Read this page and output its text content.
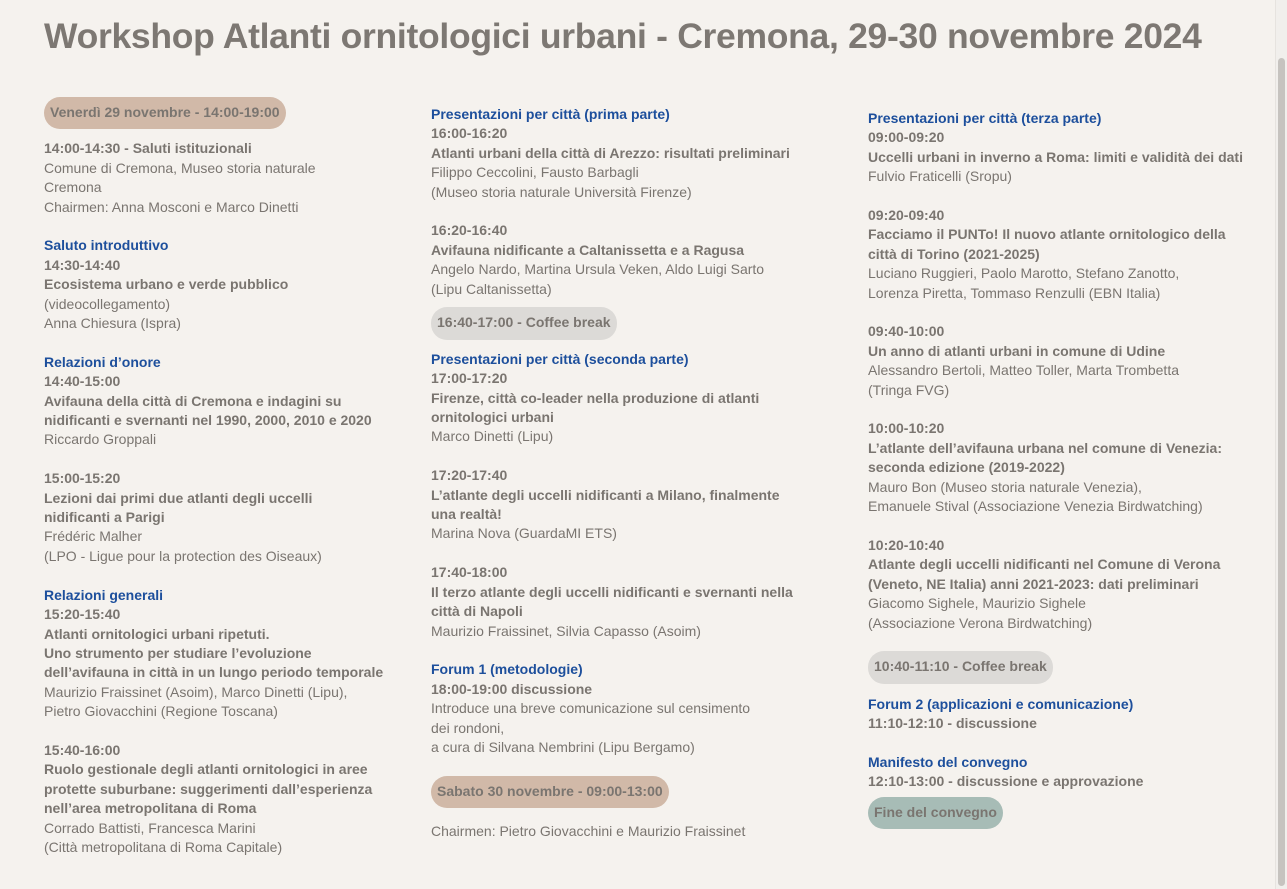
Workshop Atlanti ornitologici urbani - Cremona, 29-30 novembre 2024
Venerdì 29 novembre - 14:00-19:00

14:00-14:30 - Saluti istituzionali

Comune di Cremona, Museo storia naturale

Cremona

Chairmen: Anna Mosconi e Marco Dinetti

Saluto introduttivo

14:30-14:40

Ecosistema urbano e verde pubblico

(videocollegamento)

Anna Chiesura (Ispra)

Relazioni d’onore

14:40-15:00

Avifauna della città di Cremona e indagini su

nidificanti e svernanti nel 1990, 2000, 2010 e 2020

Riccardo Groppali

15:00-15:20

Lezioni dai primi due atlanti degli uccelli

nidificanti a Parigi

Frédéric Malher

(LPO - Ligue pour la protection des Oiseaux)

Relazioni generali

15:20-15:40

Atlanti ornitologici urbani ripetuti.

Uno strumento per studiare l’evoluzione

dell’avifauna in città in un lungo periodo temporale

Maurizio Fraissinet (Asoim), Marco Dinetti (Lipu),

Pietro Giovacchini (Regione Toscana)

15:40-16:00

Ruolo gestionale degli atlanti ornitologici in aree

protette suburbane: suggerimenti dall’esperienza

nell’area metropolitana di Roma

Corrado Battisti, Francesca Marini

(Città metropolitana di Roma Capitale)

Presentazioni per città (prima parte)

16:00-16:20

Atlanti urbani della città di Arezzo: risultati preliminari

Filippo Ceccolini, Fausto Barbagli

(Museo storia naturale Università Firenze)

16:20-16:40

Avifauna nidificante a Caltanissetta e a Ragusa

Angelo Nardo, Martina Ursula Veken, Aldo Luigi Sarto

(Lipu Caltanissetta)

16:40-17:00 - Coffee break

Presentazioni per città (seconda parte)

17:00-17:20

Firenze, città co-leader nella produzione di atlanti

ornitologici urbani

Marco Dinetti (Lipu)

17:20-17:40

L’atlante degli uccelli nidificanti a Milano, finalmente

una realtà!

Marina Nova (GuardaMI ETS)

17:40-18:00

Il terzo atlante degli uccelli nidificanti e svernanti nella

città di Napoli

Maurizio Fraissinet, Silvia Capasso (Asoim)

Forum 1 (metodologie)

18:00-19:00 discussione

Introduce una breve comunicazione sul censimento

dei rondoni,

a cura di Silvana Nembrini (Lipu Bergamo)

Sabato 30 novembre - 09:00-13:00

Chairmen: Pietro Giovacchini e Maurizio Fraissinet

Presentazioni per città (terza parte)

09:00-09:20

Uccelli urbani in inverno a Roma: limiti e validità dei dati

Fulvio Fraticelli (Sropu)

09:20-09:40

Facciamo il PUNTo! Il nuovo atlante ornitologico della

città di Torino (2021-2025)

Luciano Ruggieri, Paolo Marotto, Stefano Zanotto,

Lorenza Piretta, Tommaso Renzulli (EBN Italia)

09:40-10:00

Un anno di atlanti urbani in comune di Udine

Alessandro Bertoli, Matteo Toller, Marta Trombetta

(Tringa FVG)

10:00-10:20

L’atlante dell’avifauna urbana nel comune di Venezia:

seconda edizione (2019-2022)

Mauro Bon (Museo storia naturale Venezia),

Emanuele Stival (Associazione Venezia Birdwatching)

10:20-10:40

Atlante degli uccelli nidificanti nel Comune di Verona

(Veneto, NE Italia) anni 2021-2023: dati preliminari

Giacomo Sighele, Maurizio Sighele

(Associazione Verona Birdwatching)

10:40-11:10 - Coffee break

Forum 2 (applicazioni e comunicazione)

11:10-12:10 - discussione

Manifesto del convegno

12:10-13:00 - discussione e approvazione

Fine del convegno
